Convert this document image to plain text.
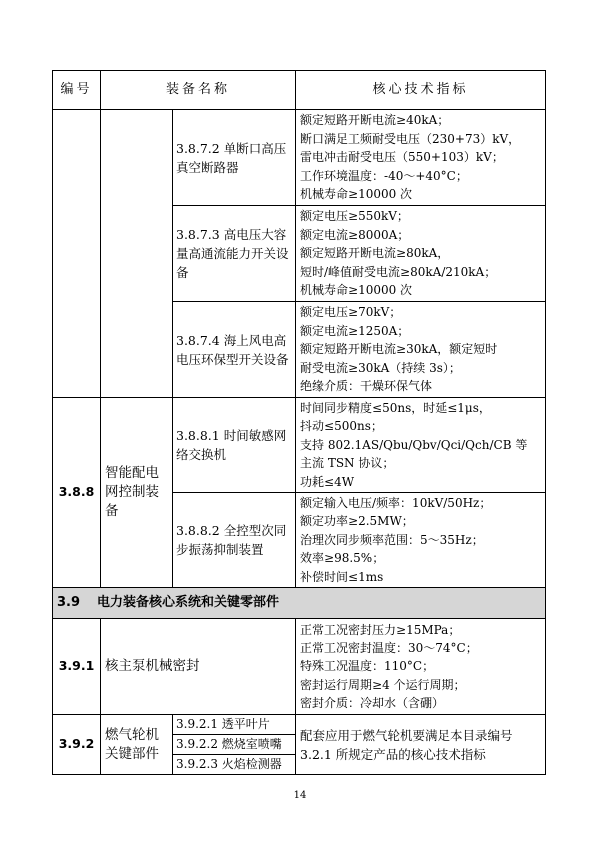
编号	装备名称		核心技术指标
		3.8.7.2 单断口高压真空断路器	额定短路开断电流≥40kA；
断口满足工频耐受电压（230+73）kV，
雷电冲击耐受电压（550+103）kV；
工作环境温度：-40～+40°C；
机械寿命≥10000 次

		3.8.7.3 高电压大容量高通流能力开关设备	额定电压≥550kV；
额定电流≥8000A；
额定短路开断电流≥80kA，
短时/峰值耐受电流≥80kA/210kA；
机械寿命≥10000 次

		3.8.7.4 海上风电高电压环保型开关设备	额定电压≥70kV；
额定电流≥1250A；
额定短路开断电流≥30kA，额定短时
耐受电流≥30kA（持续 3s）；
绝缘介质：干燥环保气体

3.8.8	智能配电网控制装备	3.8.8.1 时间敏感网络交换机	时间同步精度≤50ns，时延≤1μs，
抖动≤500ns；
支持 802.1AS/Qbu/Qbv/Qci/Qch/CB 等
主流 TSN 协议；
功耗≤4W

		3.8.8.2 全控型次同步振荡抑制装置	额定输入电压/频率：10kV/50Hz；
额定功率≥2.5MW；
治理次同步频率范围：5～35Hz；
效率≥98.5%；
补偿时间≤1ms

3.9 电力装备核心系统和关键零部件			
3.9.1	核主泵机械密封		正常工况密封压力≥15MPa；
正常工况密封温度：30～74°C；
特殊工况温度：110°C；
密封运行周期≥4 个运行周期；
密封介质：冷却水（含硼）

3.9.2	燃气轮机关键部件	3.9.2.1 透平叶片	配套应用于燃气轮机要满足本目录编号 3.2.1 所规定产品的核心技术指标
		3.9.2.2 燃烧室喷嘴	
		3.9.2.3 火焰检测器	
14
